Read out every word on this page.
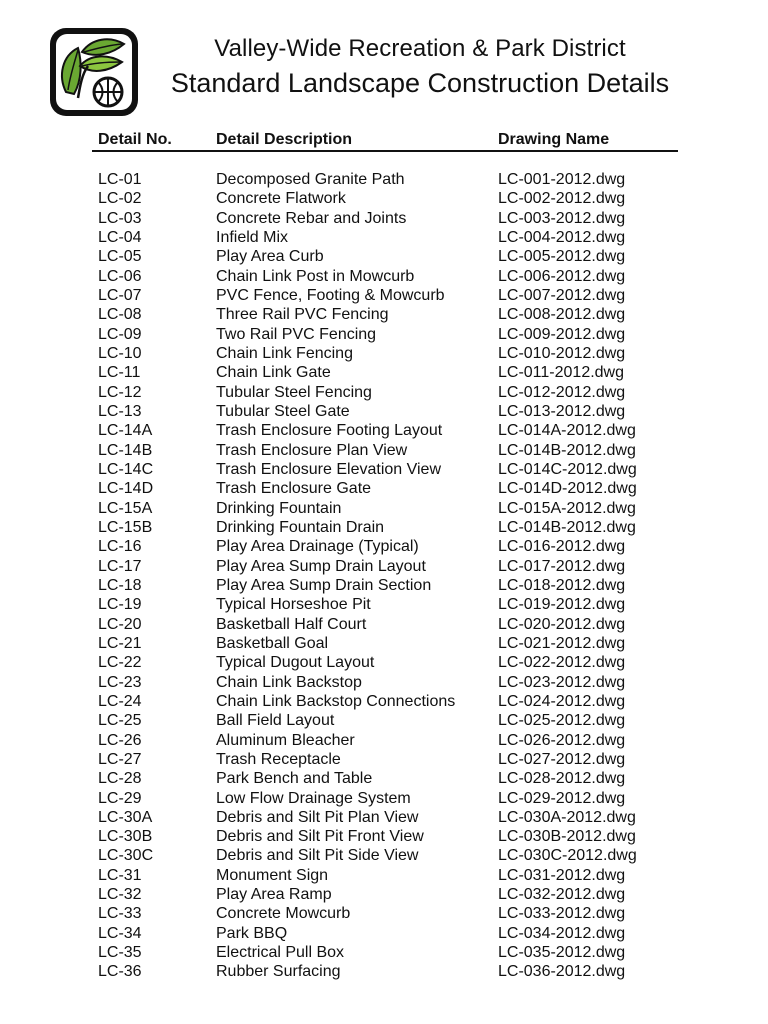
Valley-Wide Recreation & Park District
Standard Landscape Construction Details
Detail No.	Detail Description	Drawing Name
LC-01	Decomposed Granite Path	LC-001-2012.dwg
LC-02	Concrete Flatwork	LC-002-2012.dwg
LC-03	Concrete Rebar and Joints	LC-003-2012.dwg
LC-04	Infield Mix	LC-004-2012.dwg
LC-05	Play Area Curb	LC-005-2012.dwg
LC-06	Chain Link Post in Mowcurb	LC-006-2012.dwg
LC-07	PVC Fence, Footing & Mowcurb	LC-007-2012.dwg
LC-08	Three Rail PVC Fencing	LC-008-2012.dwg
LC-09	Two Rail PVC Fencing	LC-009-2012.dwg
LC-10	Chain Link Fencing	LC-010-2012.dwg
LC-11	Chain Link Gate	LC-011-2012.dwg
LC-12	Tubular Steel Fencing	LC-012-2012.dwg
LC-13	Tubular Steel Gate	LC-013-2012.dwg
LC-14A	Trash Enclosure Footing Layout	LC-014A-2012.dwg
LC-14B	Trash Enclosure Plan View	LC-014B-2012.dwg
LC-14C	Trash Enclosure Elevation View	LC-014C-2012.dwg
LC-14D	Trash Enclosure Gate	LC-014D-2012.dwg
LC-15A	Drinking Fountain	LC-015A-2012.dwg
LC-15B	Drinking Fountain Drain	LC-014B-2012.dwg
LC-16	Play Area Drainage (Typical)	LC-016-2012.dwg
LC-17	Play Area Sump Drain Layout	LC-017-2012.dwg
LC-18	Play Area Sump Drain Section	LC-018-2012.dwg
LC-19	Typical Horseshoe Pit	LC-019-2012.dwg
LC-20	Basketball Half Court	LC-020-2012.dwg
LC-21	Basketball Goal	LC-021-2012.dwg
LC-22	Typical Dugout Layout	LC-022-2012.dwg
LC-23	Chain Link Backstop	LC-023-2012.dwg
LC-24	Chain Link Backstop Connections	LC-024-2012.dwg
LC-25	Ball Field Layout	LC-025-2012.dwg
LC-26	Aluminum Bleacher	LC-026-2012.dwg
LC-27	Trash Receptacle	LC-027-2012.dwg
LC-28	Park Bench and Table	LC-028-2012.dwg
LC-29	Low Flow Drainage System	LC-029-2012.dwg
LC-30A	Debris and Silt Pit Plan View	LC-030A-2012.dwg
LC-30B	Debris and Silt Pit Front View	LC-030B-2012.dwg
LC-30C	Debris and Silt Pit Side View	LC-030C-2012.dwg
LC-31	Monument Sign	LC-031-2012.dwg
LC-32	Play Area Ramp	LC-032-2012.dwg
LC-33	Concrete Mowcurb	LC-033-2012.dwg
LC-34	Park BBQ	LC-034-2012.dwg
LC-35	Electrical Pull Box	LC-035-2012.dwg
LC-36	Rubber Surfacing	LC-036-2012.dwg
